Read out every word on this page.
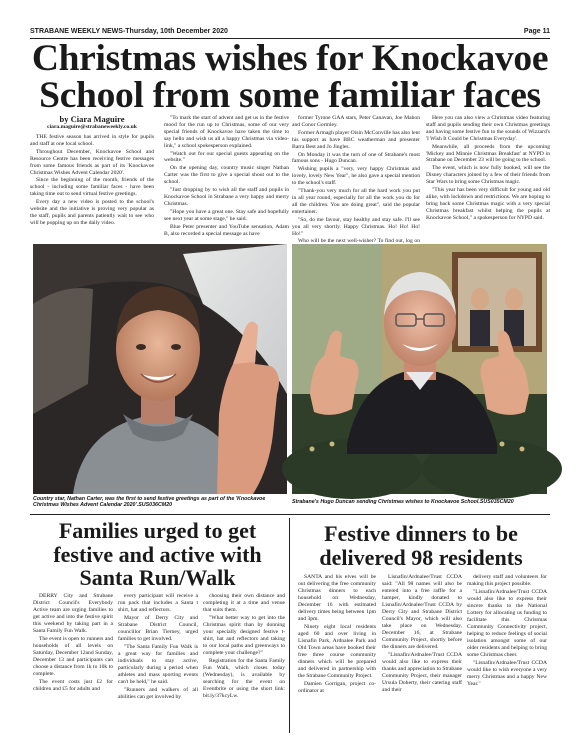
STRABANE WEEKLY NEWS-Thursday, 10th December 2020	Page 11
Christmas wishes for Knockavoe
School from some familiar faces
by Ciara Maguire
ciara.maguire@strabaneweekly.co.uk

THE festive season has arrived in style for pupils and staff at one local school.

Throughout December, Knockavoe School and Resource Centre has been receiving festive messages from some famous friends as part of its 'Knockavoe Christmas Wishes Advent Calendar 2020'.

Since the beginning of the month, friends of the school - including some familiar faces - have been taking time out to send virtual festive greetings.

Every day a new video is posted to the school's website and the initiative is proving very popular as the staff, pupils and parents patiently wait to see who will be popping up on the daily video.

"To mark the start of advent and get us in the festive mood for the run up to Christmas, some of our very special friends of Knockavoe have taken the time to say hello and wish us all a happy Christmas via video-link," a school spokesperson explained.

"Watch out for our special guests appearing on the website."

On the opening day, country music singer Nathan Carter was the first to give a special shout out to the school.

"Just dropping by to wish all the staff and pupils in Knockavoe School in Strabane a very happy and merry Christmas.

"Hope you have a great one. Stay safe and hopefully see next year at some stage," he said.

Blue Peter presenter and YouTube sensation, Adam B, also recorded a special message as have

former Tyrone GAA stars, Peter Canavan, Joe Mahon and Conor Gormley.

Former Armagh player Oisin McConville has also lent his support as have BBC weatherman and presenter Barra Best and Jo Jingles.

On Monday it was the turn of one of Strabane's most famous sons - Hugo Duncan.

Wishing pupils a "very, very happy Christmas and lovely, lovely New Year", he also gave a special mention to the school's staff.

"Thank-you very much for all the hard work you put in all year round, especially for all the work you do for all the children. You are doing great", said the popular entertainer.

"So, do me favour, stay healthy and stay safe. I'll see you all very shortly. Happy Christmas. Ho! Ho! Ho! Ho!"

Who will be the next well-wisher? To find out, log on

Here you can also view a Christmas video featuring staff and pupils sending their own Christmas greetings and having some festive fun to the sounds of Wizzard's 'I Wish It Could be Christmas Everyday'.

Meanwhile, all proceeds from the upcoming 'Mickey and Minnie Christmas Breakfast' at NYPD in Strabane on December 23 will be going to the school.

The event, which is now fully booked, will see the Disney characters joined by a few of their friends from Star Wars to bring some Christmas magic.

"This year has been very difficult for young and old alike, with lockdown and restrictions. We are hoping to bring back some Christmas magic with a very special Christmas breakfast whilst helping the pupils at Knockavoe School," a spokesperson for NYPD said.

Country star, Nathan Carter, was the first to send festive greetings as part of the 'Knockavoe Christmas Wishes Advent Calendar 2020'.SUS036CM20
Strabane's Hugo Duncan sending Christmas wishes to Knockavoe School.SUS035CM20
Families urged to get festive and active with Santa Run/Walk

DERRY City and Strabane District Council's Everybody Active team are urging families to get active and into the festive spirit this weekend by taking part in a Santa Family Fun Walk.

The event is open to runners and households of all levels on Saturday, December 12and Sunday, December 13 and participants can choose a distance from 1k to 10k to complete.

The event costs just £2 for children and £5 for adults and

every participant will receive a run pack that includes a Santa t shirt, hat and reflectors.

Mayor of Derry City and Strabane District Council, councillor Brian Tierney, urged families to get involved.

"The Santa Family Fun Walk is a great way for families and individuals to stay active, particularly during a period when athletes and mass sporting events can't be held," he said.

"Runners and walkers of all abilities can get involved by

choosing their own distance and completing it at a time and venue that suits them.

"What better way to get into the Christmas spirit than by donning your specially designed festive t-shirt, hat and reflectors and taking to our local paths and greenways to complete your challenge?"

Registration for the Santa Family Fun Walk, which closes today (Wednesday), is available by searching for the event on Eventbrite or using the short link: bit.ly/37kcyLw.

Festive dinners to be delivered 98 residents

SANTA and his elves will be out delivering the free community Christmas dinners to each household on Wednesday, December 16 with estimated delivery times being between 1pm and 3pm.

Ninety eight local residents aged 60 and over living in Lisnafin Park, Ardnalee Park and Old Town areas have booked their free three course community dinners which will be prepared and delivered in partnership with the Strabane Community Project.

Damien Gorrigan, project co-ordinator at

Lisnafin/Ardnalee/Trust CCDA said: "All 98 names will also be entered into a free raffle for a hamper, kindly donated to Lisnafin/Ardnalee/Trust CCDA by Derry City and Strabane District Council's Mayor, which will also take place on Wednesday, December 16, at Strabane Community Project, shortly before the dinners are delivered.

"Lisnafin/Ardnalee/Trust CCDA would also like to express their thanks and appreciation to Strabane Community Project, their manager Ursula Doherty, their catering staff and their

delivery staff and volunteers for making this project possible.

"Lisnafin/Ardnalee/Trust CCDA would also like to express their sincere thanks to the National Lottery for allocating us funding to facilitate this Christmas Community Connectivity project, helping to reduce feelings of social isolation amongst some of our older residents and helping to bring some Christmas cheer.

"Lisnafin/Ardnalee/Trust CCDA would like to wish everyone a very merry Christmas and a happy New Year."
